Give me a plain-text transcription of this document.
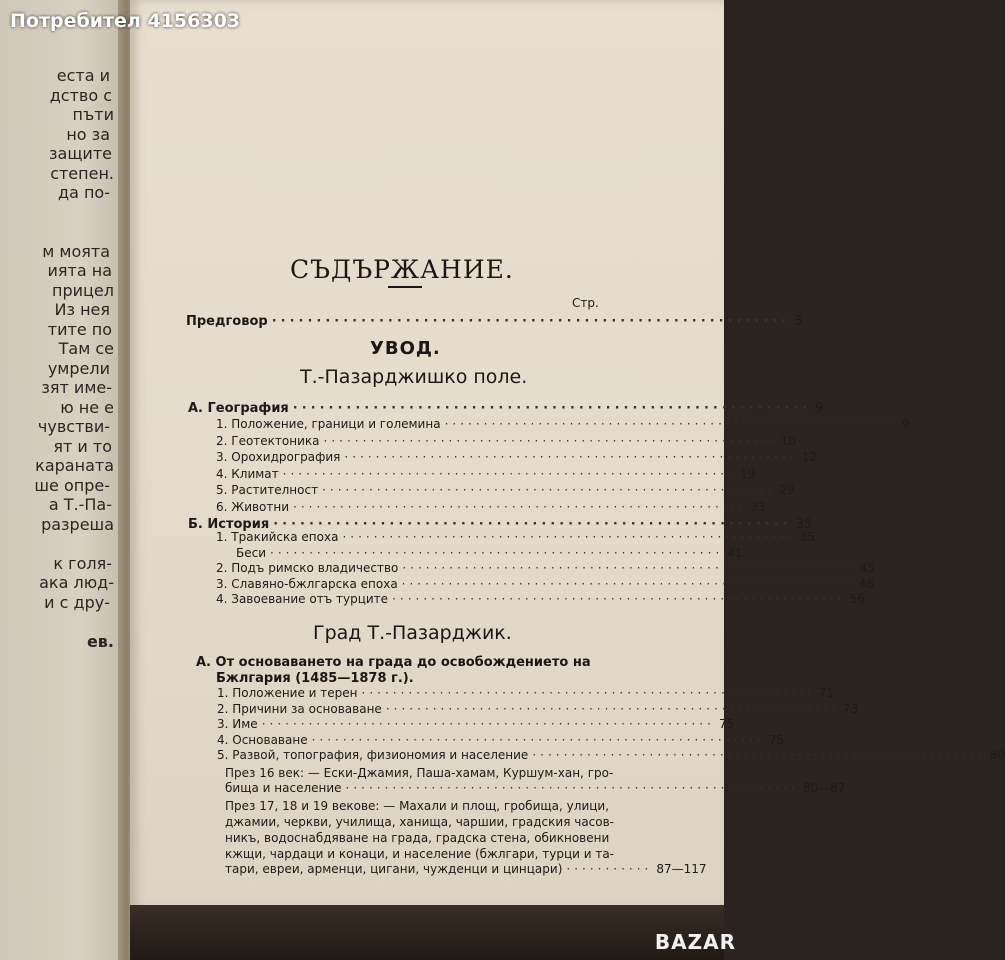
еста и
дство с
пъти
но за
защите
степен.
да по-
м моята
ията на
прицел
Из нея
тите по
Там се
умрели
зят име-
ю не е
чувстви-
ят и то
караната
ше опре-
а Т.-Па-
разреша
к голя-
ака люд-
и с дру-
ев.
Потребител 4156303
СЪДЪРЖАНИЕ.
Стр.
Предговор ·························································· 3
УВОД.
Т.-Пазарджишко поле.
А. География ·························································· 9
1. Положение, граници и големина ·························································· 9
2. Геотектоника ·························································· 10
3. Орохидрография ·························································· 12
4. Климат ·························································· 19
5. Растителност ·························································· 29
6. Животни ·························································· 33
Б. История ·························································· 35
1. Тракийска епоха ·························································· 35
Беси ·························································· 41
2. Подъ римско владичество ·························································· 45
3. Славяно-бжлгарска епоха ·························································· 48
4. Завоевание отъ турците ·························································· 56
Град Т.-Пазарджик.
А. От основаването на града до освобождението на
Бжлгария (1485—1878 г.).
1. Положение и терен ·························································· 71
2. Причини за основаване ·························································· 73
3. Име ·························································· 75
4. Основаване ·························································· 75
5. Развой, топография, физиономия и население ·························································· 80
През 16 век: — Ески-Джамия, Паша-хамам, Куршум-хан, гро-
бища и население ·························································· 80—87
През 17, 18 и 19 векове: — Махали и площ, гробища, улици,
джамии, черкви, училища, ханища, чаршии, градския часов-
никъ, водоснабдяване на града, градска стена, обикновени
кжщи, чардаци и конаци, и население (бжлгари, турци и та-
тари, евреи, арменци, цигани, чужденци и цинцари) ··········· 87—117
BAZAR
